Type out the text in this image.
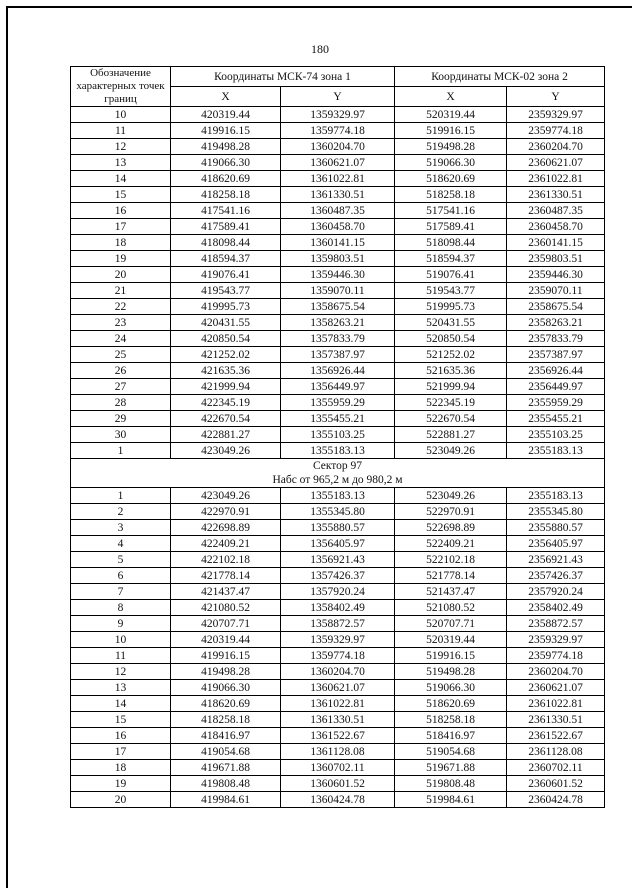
180
Обозначение характерных точек границ	Координаты МСК-74 зона 1		Координаты МСК-02 зона 2	
	X	Y	X	Y
10	420319.44	1359329.97	520319.44	2359329.97
11	419916.15	1359774.18	519916.15	2359774.18
12	419498.28	1360204.70	519498.28	2360204.70
13	419066.30	1360621.07	519066.30	2360621.07
14	418620.69	1361022.81	518620.69	2361022.81
15	418258.18	1361330.51	518258.18	2361330.51
16	417541.16	1360487.35	517541.16	2360487.35
17	417589.41	1360458.70	517589.41	2360458.70
18	418098.44	1360141.15	518098.44	2360141.15
19	418594.37	1359803.51	518594.37	2359803.51
20	419076.41	1359446.30	519076.41	2359446.30
21	419543.77	1359070.11	519543.77	2359070.11
22	419995.73	1358675.54	519995.73	2358675.54
23	420431.55	1358263.21	520431.55	2358263.21
24	420850.54	1357833.79	520850.54	2357833.79
25	421252.02	1357387.97	521252.02	2357387.97
26	421635.36	1356926.44	521635.36	2356926.44
27	421999.94	1356449.97	521999.94	2356449.97
28	422345.19	1355959.29	522345.19	2355959.29
29	422670.54	1355455.21	522670.54	2355455.21
30	422881.27	1355103.25	522881.27	2355103.25
1	423049.26	1355183.13	523049.26	2355183.13

Сектор 97
Набс от 965,2 м до 980,2 м				

1	423049.26	1355183.13	523049.26	2355183.13
2	422970.91	1355345.80	522970.91	2355345.80
3	422698.89	1355880.57	522698.89	2355880.57
4	422409.21	1356405.97	522409.21	2356405.97
5	422102.18	1356921.43	522102.18	2356921.43
6	421778.14	1357426.37	521778.14	2357426.37
7	421437.47	1357920.24	521437.47	2357920.24
8	421080.52	1358402.49	521080.52	2358402.49
9	420707.71	1358872.57	520707.71	2358872.57
10	420319.44	1359329.97	520319.44	2359329.97
11	419916.15	1359774.18	519916.15	2359774.18
12	419498.28	1360204.70	519498.28	2360204.70
13	419066.30	1360621.07	519066.30	2360621.07
14	418620.69	1361022.81	518620.69	2361022.81
15	418258.18	1361330.51	518258.18	2361330.51
16	418416.97	1361522.67	518416.97	2361522.67
17	419054.68	1361128.08	519054.68	2361128.08
18	419671.88	1360702.11	519671.88	2360702.11
19	419808.48	1360601.52	519808.48	2360601.52
20	419984.61	1360424.78	519984.61	2360424.78
